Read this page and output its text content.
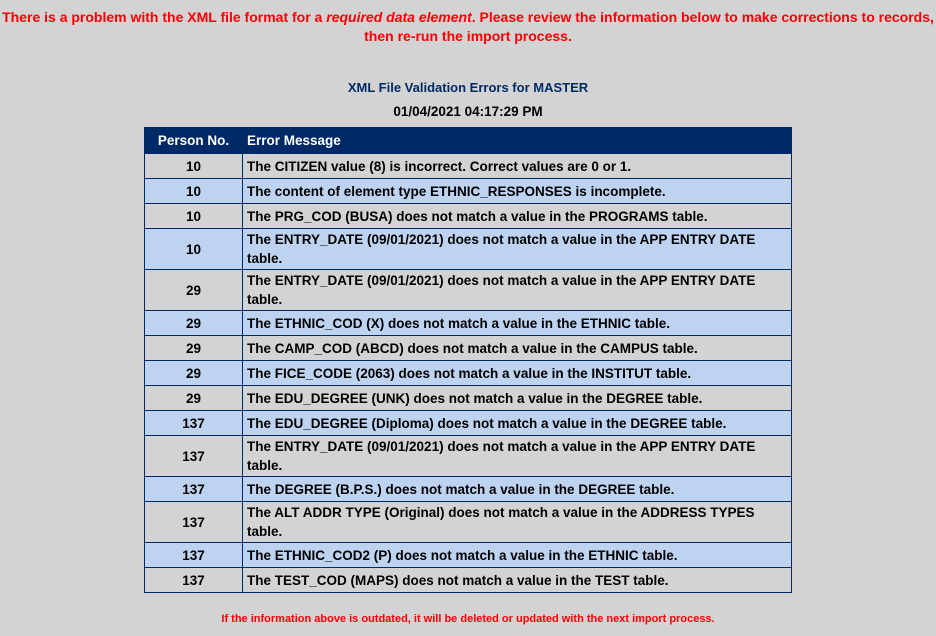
There is a problem with the XML file format for a required data element. Please review the information below to make corrections to records, then re-run the import process.
XML File Validation Errors for MASTER
01/04/2021 04:17:29 PM
Person No.	Error Message
10	The CITIZEN value (8) is incorrect. Correct values are 0 or 1.
10	The content of element type ETHNIC_RESPONSES is incomplete.
10	The PRG_COD (BUSA) does not match a value in the PROGRAMS table.
10	The ENTRY_DATE (09/01/2021) does not match a value in the APP ENTRY DATE table.
29	The ENTRY_DATE (09/01/2021) does not match a value in the APP ENTRY DATE table.
29	The ETHNIC_COD (X) does not match a value in the ETHNIC table.
29	The CAMP_COD (ABCD) does not match a value in the CAMPUS table.
29	The FICE_CODE (2063) does not match a value in the INSTITUT table.
29	The EDU_DEGREE (UNK) does not match a value in the DEGREE table.
137	The EDU_DEGREE (Diploma) does not match a value in the DEGREE table.
137	The ENTRY_DATE (09/01/2021) does not match a value in the APP ENTRY DATE table.
137	The DEGREE (B.P.S.) does not match a value in the DEGREE table.
137	The ALT ADDR TYPE (Original) does not match a value in the ADDRESS TYPES table.
137	The ETHNIC_COD2 (P) does not match a value in the ETHNIC table.
137	The TEST_COD (MAPS) does not match a value in the TEST table.
If the information above is outdated, it will be deleted or updated with the next import process.
